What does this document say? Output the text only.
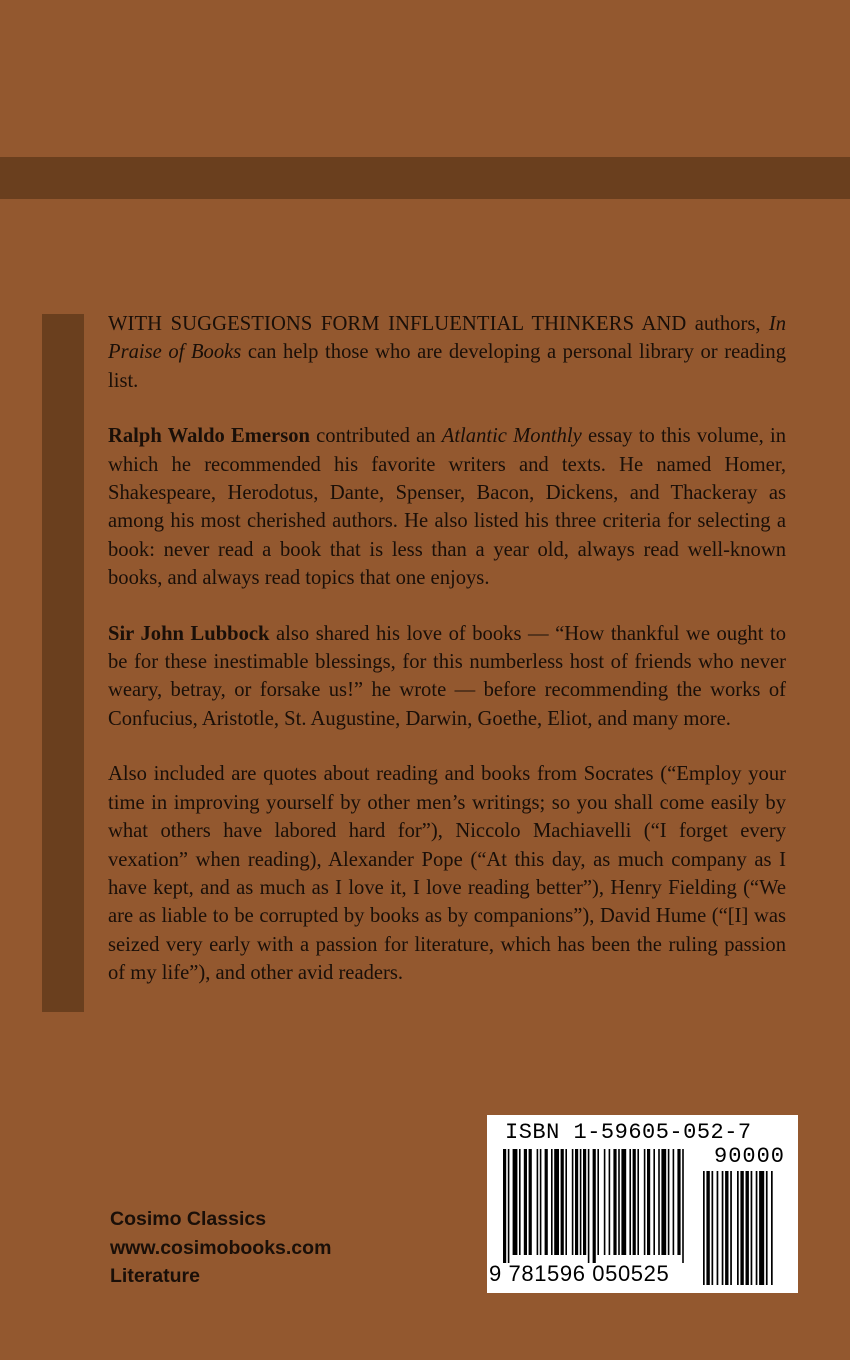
WITH SUGGESTIONS FORM INFLUENTIAL THINKERS AND authors, In Praise of Books can help those who are developing a personal library or reading list.

Ralph Waldo Emerson contributed an Atlantic Monthly essay to this volume, in which he recommended his favorite writers and texts. He named Homer, Shakespeare, Herodotus, Dante, Spenser, Bacon, Dickens, and Thackeray as among his most cherished authors. He also listed his three criteria for selecting a book: never read a book that is less than a year old, always read well-known books, and always read topics that one enjoys.

Sir John Lubbock also shared his love of books — “How thankful we ought to be for these inestimable blessings, for this numberless host of friends who never weary, betray, or forsake us!” he wrote — before recommending the works of Confucius, Aristotle, St. Augustine, Darwin, Goethe, Eliot, and many more.

Also included are quotes about reading and books from Socrates (“Employ your time in improving yourself by other men’s writings; so you shall come easily by what others have labored hard for”), Niccolo Machiavelli (“I forget every vexation” when reading), Alexander Pope (“At this day, as much company as I have kept, and as much as I love it, I love reading better”), Henry Fielding (“We are as liable to be corrupted by books as by companions”), David Hume (“[I] was seized very early with a passion for literature, which has been the ruling passion of my life”), and other avid readers.

Cosimo Classics
www.cosimobooks.com
Literature
ISBN 1-59605-052-7
90000
9 781596 050525
